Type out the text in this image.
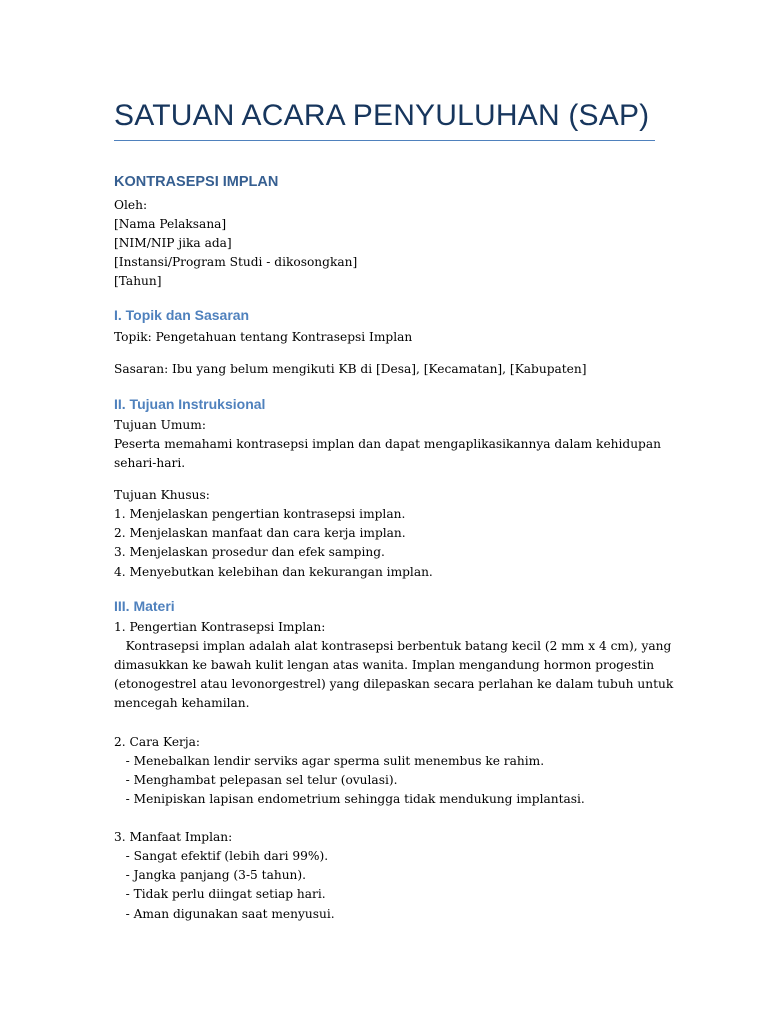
SATUAN ACARA PENYULUHAN (SAP)
KONTRASEPSI IMPLAN
Oleh:
[Nama Pelaksana]
[NIM/NIP jika ada]
[Instansi/Program Studi - dikosongkan]
[Tahun]
I. Topik dan Sasaran
Topik: Pengetahuan tentang Kontrasepsi Implan
Sasaran: Ibu yang belum mengikuti KB di [Desa], [Kecamatan], [Kabupaten]
II. Tujuan Instruksional
Tujuan Umum:
Peserta memahami kontrasepsi implan dan dapat mengaplikasikannya dalam kehidupan
sehari-hari.
Tujuan Khusus:
1. Menjelaskan pengertian kontrasepsi implan.
2. Menjelaskan manfaat dan cara kerja implan.
3. Menjelaskan prosedur dan efek samping.
4. Menyebutkan kelebihan dan kekurangan implan.
III. Materi
1. Pengertian Kontrasepsi Implan:
Kontrasepsi implan adalah alat kontrasepsi berbentuk batang kecil (2 mm x 4 cm), yang
dimasukkan ke bawah kulit lengan atas wanita. Implan mengandung hormon progestin
(etonogestrel atau levonorgestrel) yang dilepaskan secara perlahan ke dalam tubuh untuk
mencegah kehamilan.
2. Cara Kerja:
- Menebalkan lendir serviks agar sperma sulit menembus ke rahim.
- Menghambat pelepasan sel telur (ovulasi).
- Menipiskan lapisan endometrium sehingga tidak mendukung implantasi.
3. Manfaat Implan:
- Sangat efektif (lebih dari 99%).
- Jangka panjang (3-5 tahun).
- Tidak perlu diingat setiap hari.
- Aman digunakan saat menyusui.
